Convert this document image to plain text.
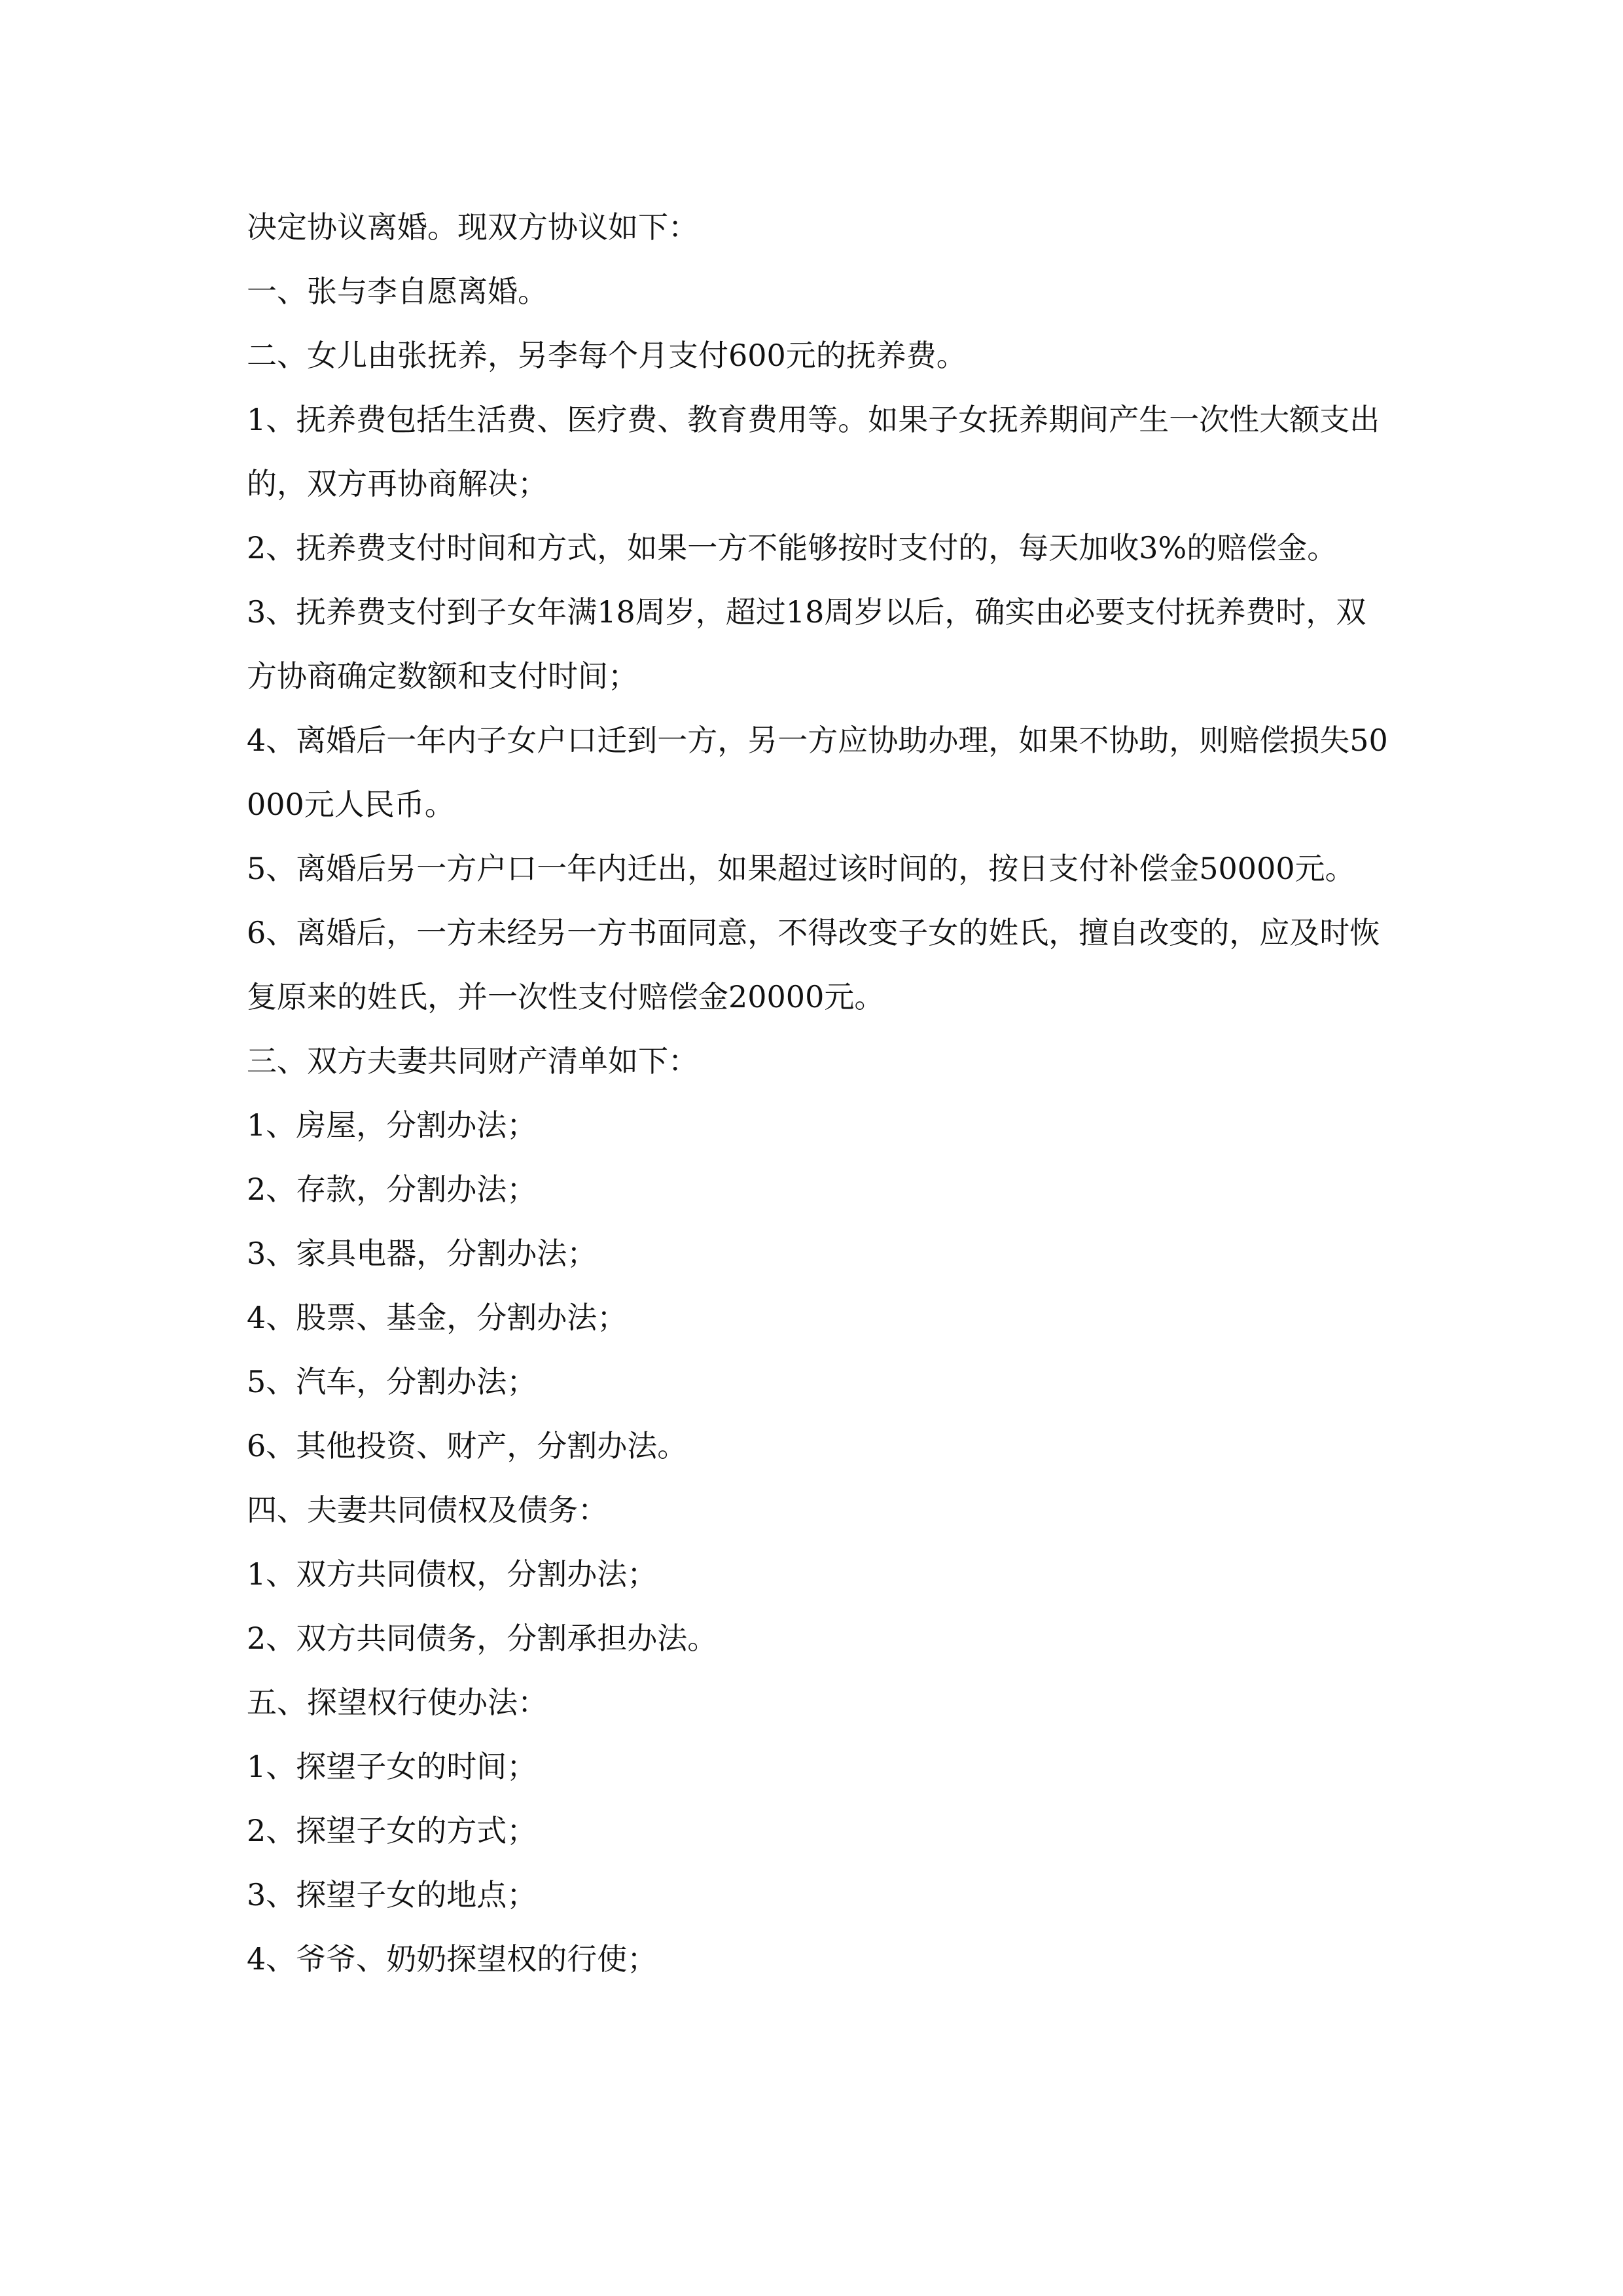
决定协议离婚。现双方协议如下：

一、张与李自愿离婚。

二、女儿由张抚养，另李每个月支付600元的抚养费。

1、抚养费包括生活费、医疗费、教育费用等。如果子女抚养期间产生一次性大额支出的，双方再协商解决；

2、抚养费支付时间和方式，如果一方不能够按时支付的，每天加收3%的赔偿金。

3、抚养费支付到子女年满18周岁，超过18周岁以后，确实由必要支付抚养费时，双方协商确定数额和支付时间；

4、离婚后一年内子女户口迁到一方，另一方应协助办理，如果不协助，则赔偿损失50000元人民币。

5、离婚后另一方户口一年内迁出，如果超过该时间的，按日支付补偿金50000元。

6、离婚后，一方未经另一方书面同意，不得改变子女的姓氏，擅自改变的，应及时恢复原来的姓氏，并一次性支付赔偿金20000元。

三、双方夫妻共同财产清单如下：

1、房屋，分割办法；

2、存款，分割办法；

3、家具电器，分割办法；

4、股票、基金，分割办法；

5、汽车，分割办法；

6、其他投资、财产，分割办法。

四、夫妻共同债权及债务：

1、双方共同债权，分割办法；

2、双方共同债务，分割承担办法。

五、探望权行使办法：

1、探望子女的时间；

2、探望子女的方式；

3、探望子女的地点；

4、爷爷、奶奶探望权的行使；
